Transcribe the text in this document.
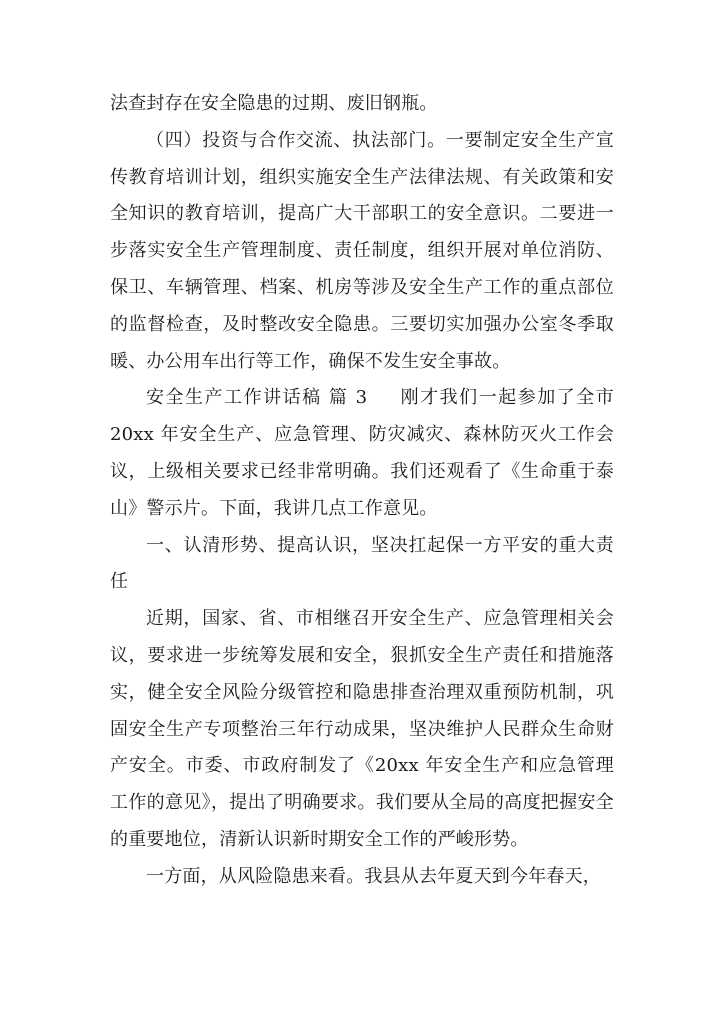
法查封存在安全隐患的过期、废旧钢瓶。

（四）投资与合作交流、执法部门。一要制定安全生产宣传教育培训计划，组织实施安全生产法律法规、有关政策和安全知识的教育培训，提高广大干部职工的安全意识。二要进一步落实安全生产管理制度、责任制度，组织开展对单位消防、保卫、车辆管理、档案、机房等涉及安全生产工作的重点部位的监督检查，及时整改安全隐患。三要切实加强办公室冬季取暖、办公用车出行等工作，确保不发生安全事故。

安全生产工作讲话稿 篇 3 刚才我们一起参加了全市 20xx 年安全生产、应急管理、防灾减灾、森林防灭火工作会议，上级相关要求已经非常明确。我们还观看了《生命重于泰山》警示片。下面，我讲几点工作意见。

一、认清形势、提高认识，坚决扛起保一方平安的重大责任

近期，国家、省、市相继召开安全生产、应急管理相关会议，要求进一步统筹发展和安全，狠抓安全生产责任和措施落实，健全安全风险分级管控和隐患排查治理双重预防机制，巩固安全生产专项整治三年行动成果，坚决维护人民群众生命财产安全。市委、市政府制发了《20xx 年安全生产和应急管理工作的意见》，提出了明确要求。我们要从全局的高度把握安全的重要地位，清新认识新时期安全工作的严峻形势。

一方面，从风险隐患来看。我县从去年夏天到今年春天，
